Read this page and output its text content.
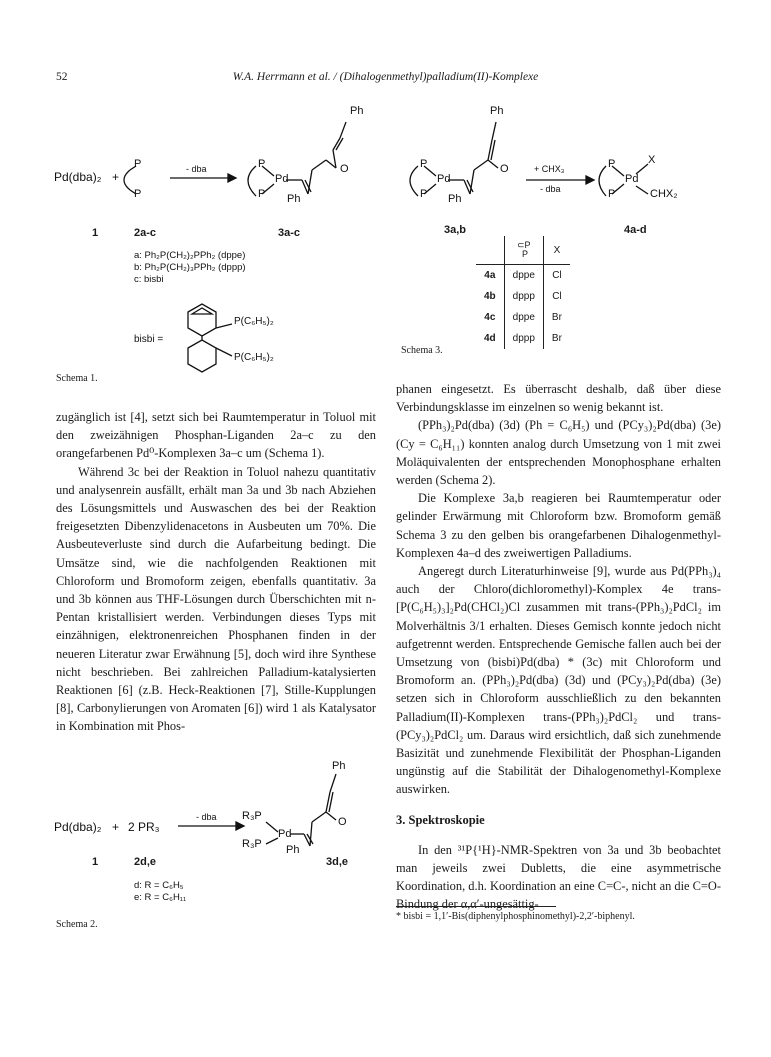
52	W.A. Herrmann et al. / (Dihalogenmethyl)palladium(II)-Komplexe
Ph
Pd(dba)₂ +
P
P
- dba	P
P
Pd
O
Ph
1	2a-c	3a-c
a: Ph₂P(CH₂)₂PPh₂ (dppe)
b: Ph₂P(CH₂)₃PPh₂ (dppp)
c: bisbi
bisbi =
P(C₆H₅)₂
P(C₆H₅)₂
Schema 1.
Ph
P
P
Pd
O
Ph
+ CHX₃
- dba
P
P
Pd
X
CHX₂
3a,b	4a-d

	⊂P
P	X
4a	dppe	Cl
4b	dppp	Cl
4c	dppe	Br
4d	dppp	Br
Schema 3.

zugänglich ist [4], setzt sich bei Raumtemperatur in Toluol mit den zweizähnigen Phosphan-Liganden 2a–c zu den orangefarbenen Pd⁰-Komplexen 3a–c um (Schema 1).

Während 3c bei der Reaktion in Toluol nahezu quantitativ und analysenrein ausfällt, erhält man 3a und 3b nach Abziehen des Lösungsmittels und Auswaschen des bei der Reaktion freigesetzten Dibenzylidenacetons in Ausbeuten um 70%. Die Ausbeuteverluste sind durch die Aufarbeitung bedingt. Die Umsätze sind, wie die nachfolgenden Reaktionen mit Chloroform und Bromoform zeigen, ebenfalls quantitativ. 3a und 3b können aus THF-Lösungen durch Überschichten mit n-Pentan kristallisiert werden. Verbindungen dieses Typs mit einzähnigen, elektronenreichen Phosphanen finden in der neueren Literatur zwar Erwähnung [5], doch wird ihre Synthese nicht beschrieben. Bei zahlreichen Palladium-katalysierten Reaktionen [6] (z.B. Heck-Reaktionen [7], Stille-Kupplungen [8], Carbonylierungen von Aromaten [6]) wird 1 als Katalysator in Kombination mit Phos-

Ph
Pd(dba)₂ + 2 PR₃
- dba R₃P
R₃P
Pd
O
Ph
1	2d,e	3d,e
d: R = C₆H₅
e: R = C₆H₁₁
Schema 2.

phanen eingesetzt. Es überrascht deshalb, daß über diese Verbindungsklasse im einzelnen so wenig bekannt ist.

(PPh₃)₂Pd(dba) (3d) (Ph = C₆H₅) und (PCy₃)₂Pd(dba) (3e) (Cy = C₆H₁₁) konnten analog durch Umsetzung von 1 mit zwei Moläquivalenten der entsprechenden Monophosphane erhalten werden (Schema 2).

Die Komplexe 3a,b reagieren bei Raumtemperatur oder gelinder Erwärmung mit Chloroform bzw. Bromoform gemäß Schema 3 zu den gelben bis orangefarbenen Dihalogenmethyl-Komplexen 4a–d des zweiwertigen Palladiums.

Angeregt durch Literaturhinweise [9], wurde aus Pd(PPh₃)₄ auch der Chloro(dichloromethyl)-Komplex 4e trans-[P(C₆H₅)₃]₂Pd(CHCl₂)Cl zusammen mit trans-(PPh₃)₂PdCl₂ im Molverhältnis 3/1 erhalten. Dieses Gemisch konnte jedoch nicht aufgetrennt werden. Entsprechende Gemische fallen auch bei der Umsetzung von (bisbi)Pd(dba) * (3c) mit Chloroform und Bromoform an. (PPh₃)₂Pd(dba) (3d) und (PCy₃)₂Pd(dba) (3e) setzen sich in Chloroform ausschließlich zu den bekannten Palladium(II)-Komplexen trans-(PPh₃)₂PdCl₂ und trans-(PCy₃)₂PdCl₂ um. Daraus wird ersichtlich, daß sich zunehmende Basizität und zunehmende Flexibilität der Phosphan-Liganden ungünstig auf die Stabilität der Dihalogenomethyl-Komplexe auswirken.

3. Spektroskopie

In den ³¹P{¹H}-NMR-Spektren von 3a und 3b beobachtet man jeweils zwei Dubletts, die eine asymmetrische Koordination, d.h. Koordination an eine C=C-, nicht an die C=O-Bindung der α,α′-ungesättig-

* bisbi = 1,1′-Bis(diphenylphosphinomethyl)-2,2′-biphenyl.
